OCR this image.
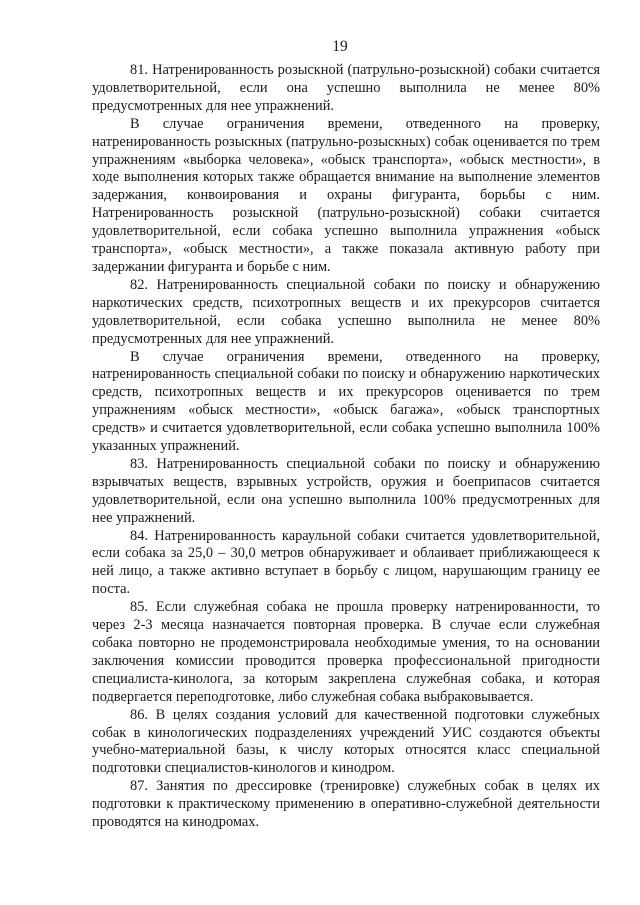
19

81. Натренированность розыскной (патрульно-розыскной) собаки считается удовлетворительной, если она успешно выполнила не менее 80% предусмотренных для нее упражнений.

В случае ограничения времени, отведенного на проверку, натренированность розыскных (патрульно-розыскных) собак оценивается по трем упражнениям «выборка человека», «обыск транспорта», «обыск местности», в ходе выполнения которых также обращается внимание на выполнение элементов задержания, конвоирования и охраны фигуранта, борьбы с ним. Натренированность розыскной (патрульно-розыскной) собаки считается удовлетворительной, если собака успешно выполнила упражнения «обыск транспорта», «обыск местности», а также показала активную работу при задержании фигуранта и борьбе с ним.

82. Натренированность специальной собаки по поиску и обнаружению наркотических средств, психотропных веществ и их прекурсоров считается удовлетворительной, если собака успешно выполнила не менее 80% предусмотренных для нее упражнений.

В случае ограничения времени, отведенного на проверку, натренированность специальной собаки по поиску и обнаружению наркотических средств, психотропных веществ и их прекурсоров оценивается по трем упражнениям «обыск местности», «обыск багажа», «обыск транспортных средств» и считается удовлетворительной, если собака успешно выполнила 100% указанных упражнений.

83. Натренированность специальной собаки по поиску и обнаружению взрывчатых веществ, взрывных устройств, оружия и боеприпасов считается удовлетворительной, если она успешно выполнила 100% предусмотренных для нее упражнений.

84. Натренированность караульной собаки считается удовлетворительной, если собака за 25,0 – 30,0 метров обнаруживает и облаивает приближающееся к ней лицо, а также активно вступает в борьбу с лицом, нарушающим границу ее поста.

85. Если служебная собака не прошла проверку натренированности, то через 2-3 месяца назначается повторная проверка. В случае если служебная собака повторно не продемонстрировала необходимые умения, то на основании заключения комиссии проводится проверка профессиональной пригодности специалиста-кинолога, за которым закреплена служебная собака, и которая подвергается переподготовке, либо служебная собака выбраковывается.

86. В целях создания условий для качественной подготовки служебных собак в кинологических подразделениях учреждений УИС создаются объекты учебно-материальной базы, к числу которых относятся класс специальной подготовки специалистов-кинологов и кинодром.

87. Занятия по дрессировке (тренировке) служебных собак в целях их подготовки к практическому применению в оперативно-служебной деятельности проводятся на кинодромах.
